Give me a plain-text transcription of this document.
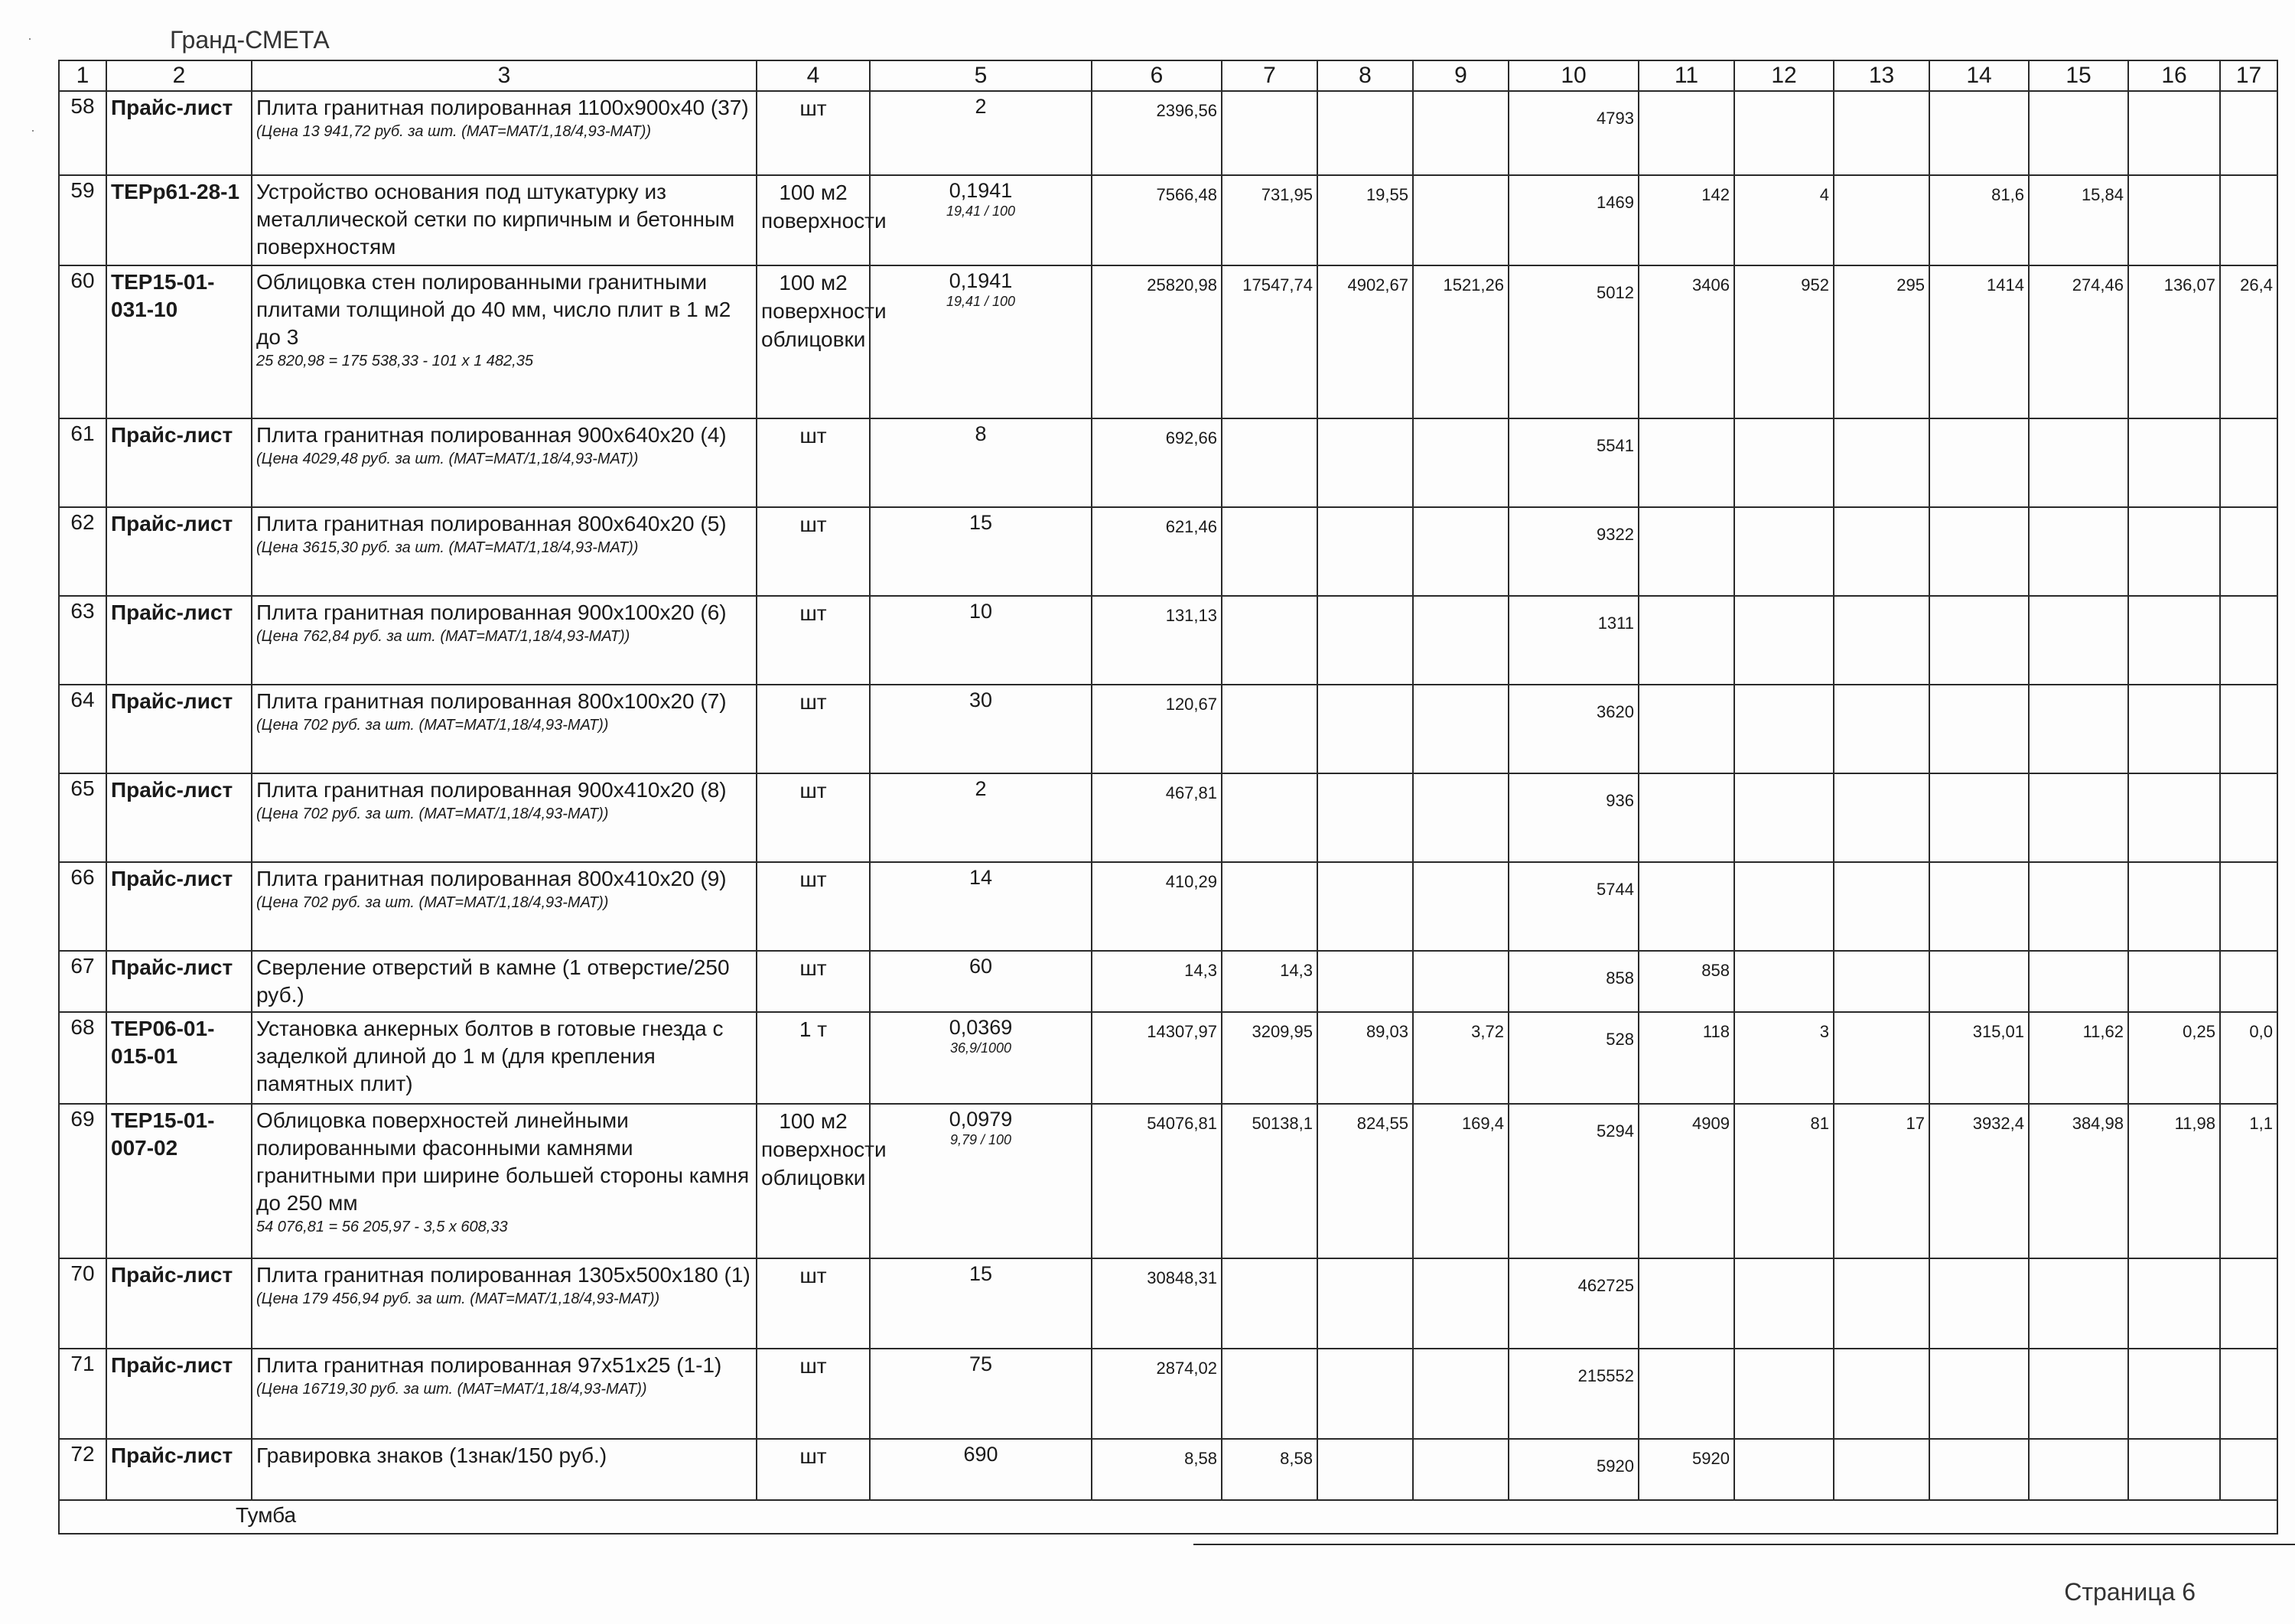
Гранд-СМЕТА
·
·
1	2	3	4	5	6	7	8	9	10	11	12	13	14	15	16	17
58	Прайс-лист	Плита гранитная полированная 1100х900х40 (37)
(Цена 13 941,72 руб. за шт. (МАТ=МАТ/1,18/4,93-МАТ))	шт	2	2396,56				4793							
59	ТЕРр61-28-1	Устройство основания под штукатурку из металлической сетки по кирпичным и бетонным поверхностям	100 м2 поверхности	0,1941
19,41 / 100	7566,48	731,95	19,55		1469	142	4		81,6	15,84		
60	ТЕР15-01-031-10	Облицовка стен полированными гранитными плитами толщиной до 40 мм, число плит в 1 м2 до 3
25 820,98 = 175 538,33 - 101 х 1 482,35	100 м2 поверхности облицовки	0,1941
19,41 / 100	25820,98	17547,74	4902,67	1521,26	5012	3406	952	295	1414	274,46	136,07	26,4
61	Прайс-лист	Плита гранитная полированная 900х640х20 (4)
(Цена 4029,48 руб. за шт. (МАТ=МАТ/1,18/4,93-МАТ))	шт	8	692,66				5541							
62	Прайс-лист	Плита гранитная полированная 800х640х20 (5)
(Цена 3615,30 руб. за шт. (МАТ=МАТ/1,18/4,93-МАТ))	шт	15	621,46				9322							
63	Прайс-лист	Плита гранитная полированная 900х100х20 (6)
(Цена 762,84 руб. за шт. (МАТ=МАТ/1,18/4,93-МАТ))	шт	10	131,13				1311							
64	Прайс-лист	Плита гранитная полированная 800х100х20 (7)
(Цена 702 руб. за шт. (МАТ=МАТ/1,18/4,93-МАТ))	шт	30	120,67				3620							
65	Прайс-лист	Плита гранитная полированная 900х410х20 (8)
(Цена 702 руб. за шт. (МАТ=МАТ/1,18/4,93-МАТ))	шт	2	467,81				936							
66	Прайс-лист	Плита гранитная полированная 800х410х20 (9)
(Цена 702 руб. за шт. (МАТ=МАТ/1,18/4,93-МАТ))	шт	14	410,29				5744							
67	Прайс-лист	Сверление отверстий в камне (1 отверстие/250 руб.)	шт	60	14,3	14,3			858	858						
68	ТЕР06-01-015-01	Установка анкерных болтов в готовые гнезда с заделкой длиной до 1 м (для крепления памятных плит)	1 т	0,0369
36,9/1000	14307,97	3209,95	89,03	3,72	528	118	3		315,01	11,62	0,25	0,0
69	ТЕР15-01-007-02	Облицовка поверхностей линейными полированными фасонными камнями гранитными при ширине большей стороны камня до 250 мм
54 076,81 = 56 205,97 - 3,5 х 608,33	100 м2 поверхности облицовки	0,0979
9,79 / 100	54076,81	50138,1	824,55	169,4	5294	4909	81	17	3932,4	384,98	11,98	1,1
70	Прайс-лист	Плита гранитная полированная 1305х500х180 (1)
(Цена 179 456,94 руб. за шт. (МАТ=МАТ/1,18/4,93-МАТ))	шт	15	30848,31				462725							
71	Прайс-лист	Плита гранитная полированная 97х51х25 (1-1)
(Цена 16719,30 руб. за шт. (МАТ=МАТ/1,18/4,93-МАТ))	шт	75	2874,02				215552							
72	Прайс-лист	Гравировка знаков (1знак/150 руб.)	шт	690	8,58	8,58			5920	5920						
Тумба																
Страница 6
